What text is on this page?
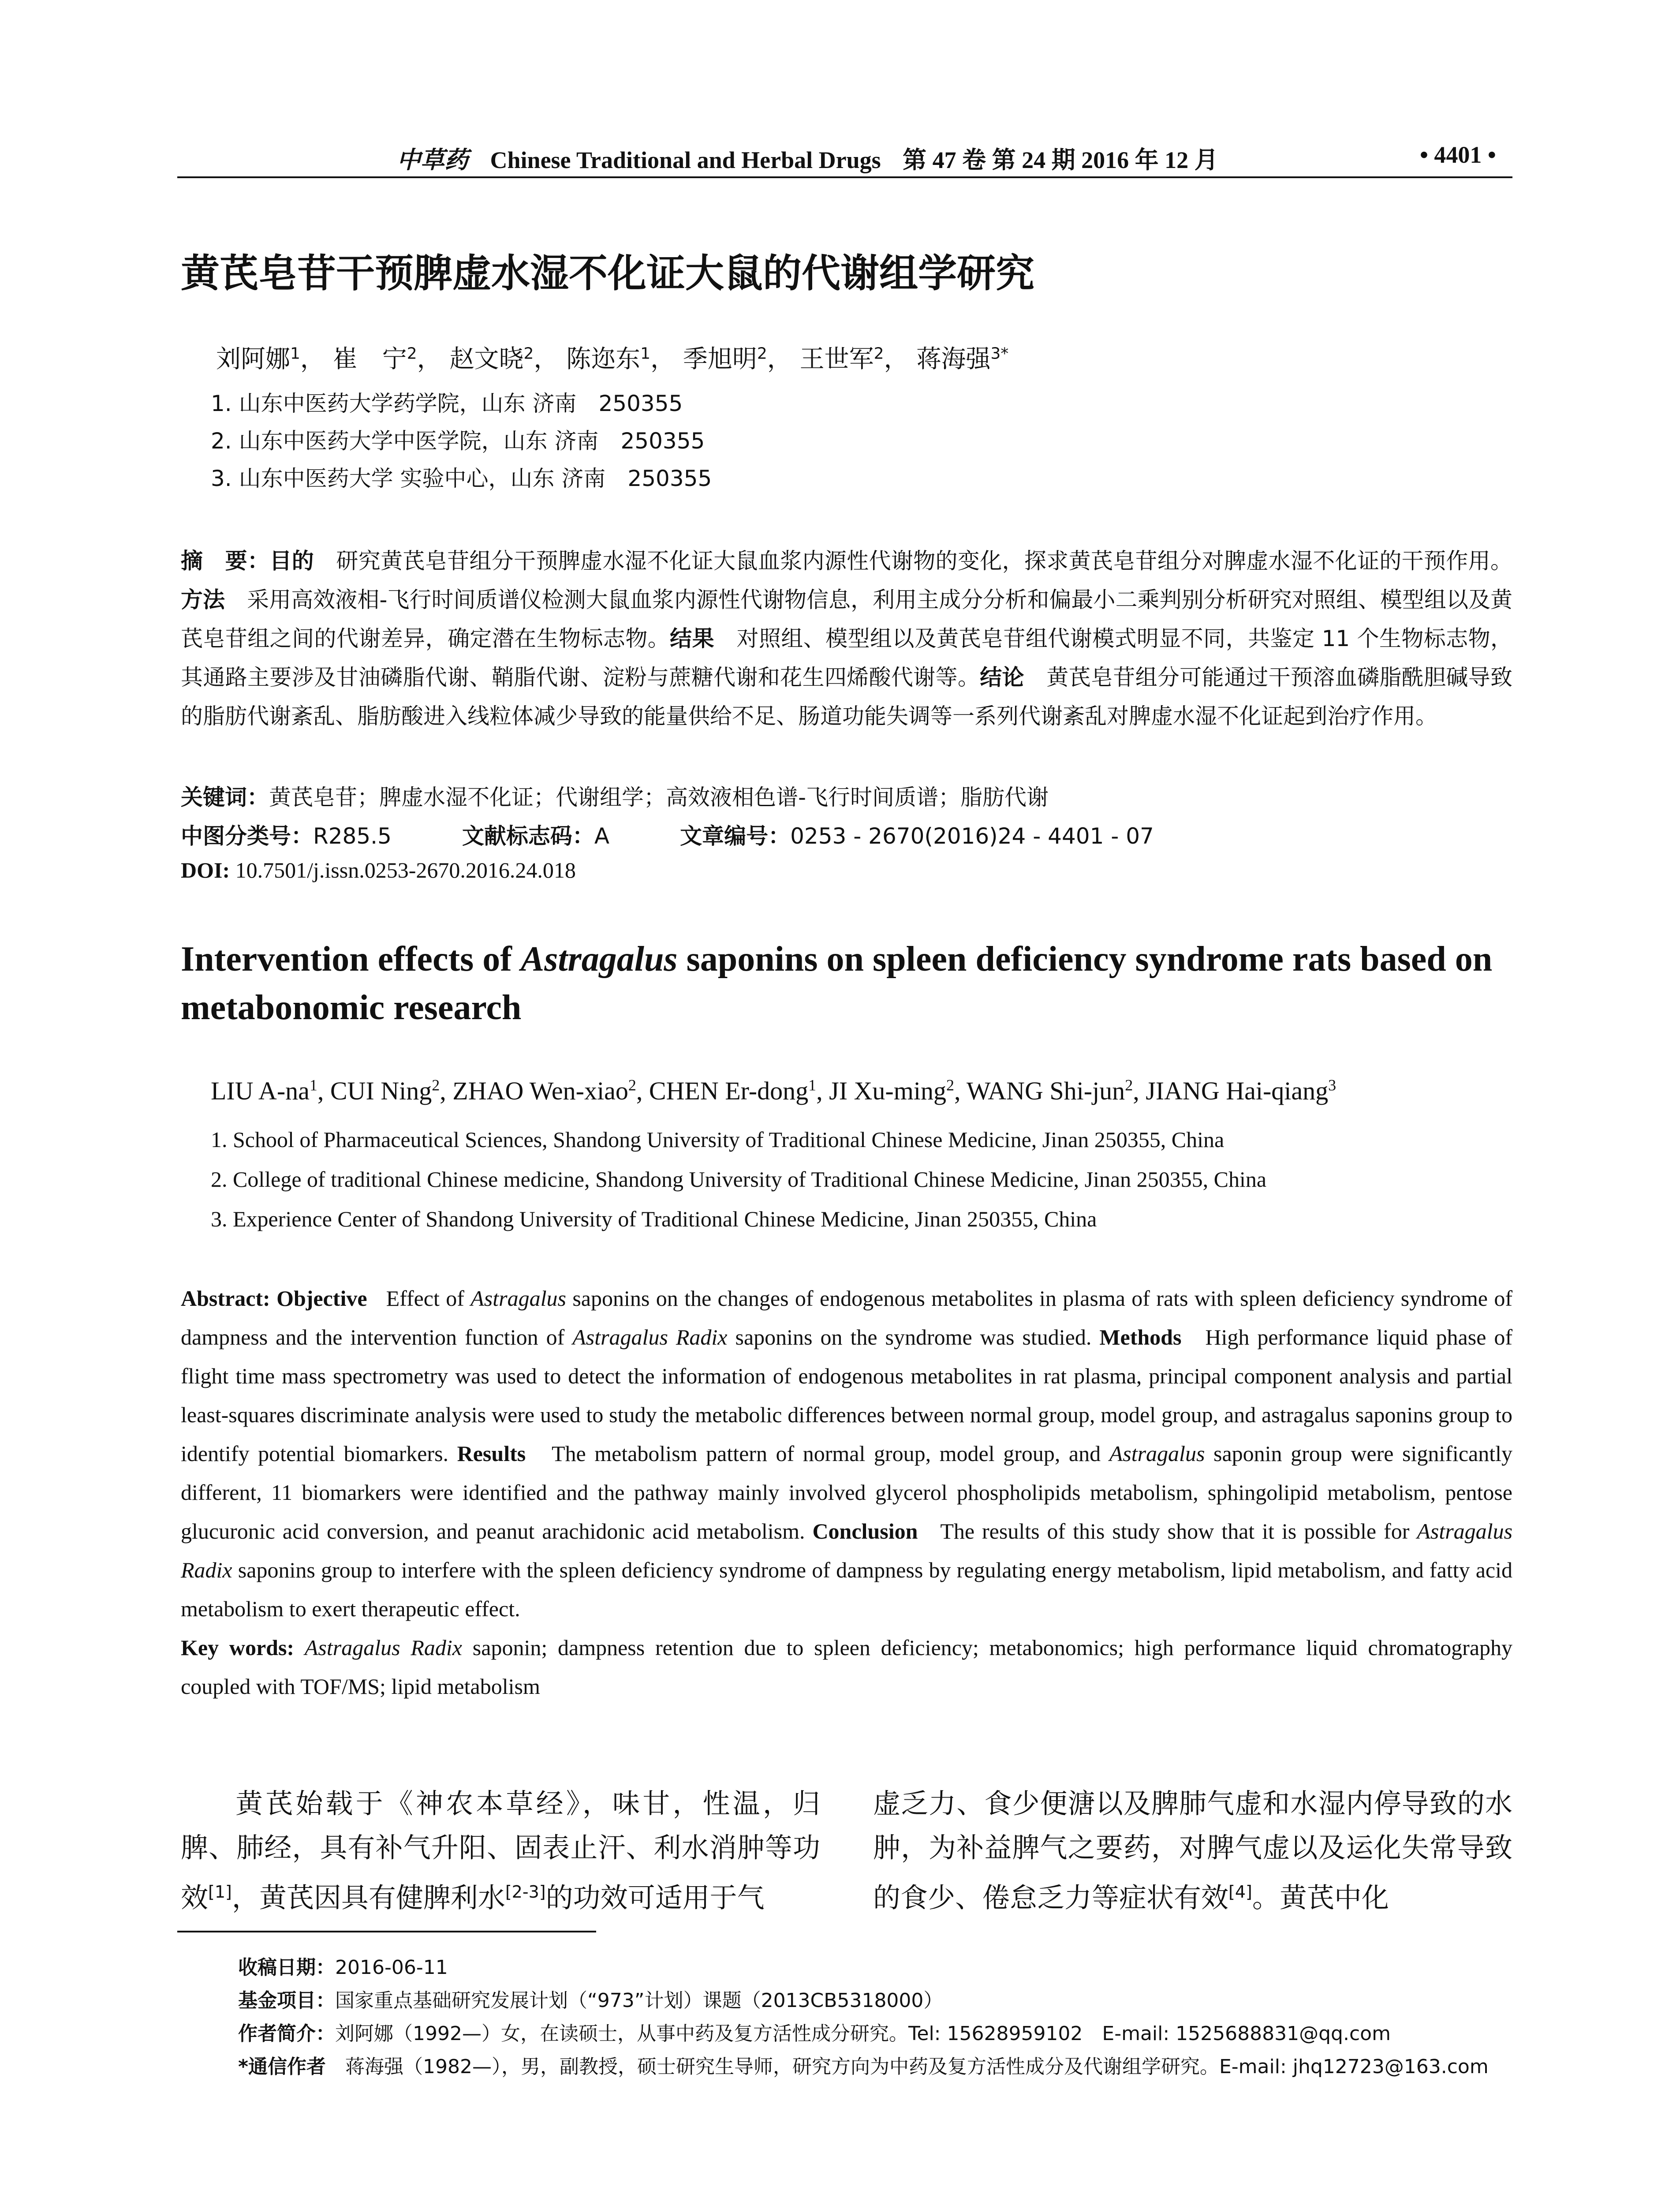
中草药 Chinese Traditional and Herbal Drugs 第 47 卷 第 24 期 2016 年 12 月	• 4401 •
黄芪皂苷干预脾虚水湿不化证大鼠的代谢组学研究
刘阿娜$^1$， 崔　宁$^2$， 赵文晓$^2$， 陈迩东$^1$， 季旭明$^2$， 王世军$^2$， 蒋海强$^{3*}$
1. 山东中医药大学药学院，山东 济南　250355
2. 山东中医药大学中医学院，山东 济南　250355
3. 山东中医药大学 实验中心，山东 济南　250355
摘　要：目的　 研究黄芪皂苷组分干预脾虚水湿不化证大鼠血浆内源性代谢物的变化，探求黄芪皂苷组分对脾虚水湿不化证的干预作用。方法　 采用高效液相-飞行时间质谱仪检测大鼠血浆内源性代谢物信息，利用主成分分析和偏最小二乘判别分析研究对照组、模型组以及黄芪皂苷组之间的代谢差异，确定潜在生物标志物。结果　 对照组、模型组以及黄芪皂苷组代谢模式明显不同，共鉴定 11 个生物标志物，其通路主要涉及甘油磷脂代谢、鞘脂代谢、淀粉与蔗糖代谢和花生四烯酸代谢等。结论　 黄芪皂苷组分可能通过干预溶血磷脂酰胆碱导致的脂肪代谢紊乱、脂肪酸进入线粒体减少导致的能量供给不足、肠道功能失调等一系列代谢紊乱对脾虚水湿不化证起到治疗作用。
关键词：黄芪皂苷；脾虚水湿不化证；代谢组学；高效液相色谱-飞行时间质谱；脂肪代谢
中图分类号：R285.5	文献标志码：A	文章编号：0253 - 2670(2016)24 - 4401 - 07
DOI: 10.7501/j.issn.0253-2670.2016.24.018
Intervention effects of Astragalus saponins on spleen deficiency syndrome rats based on metabonomic research
LIU $A-na^1$, CUI Ning$^2$, ZHAO Wen-xiao$^2$, CHEN Er-dong$^1$, JI Xu-ming$^2$, WANG Shi-jun$^2$, JIANG Hai-qiang$^3$
1. School of Pharmaceutical Sciences, Shandong University of Traditional Chinese Medicine, Jinan 250355, China
2. College of traditional Chinese medicine, Shandong University of Traditional Chinese Medicine, Jinan 250355, China
3. Experience Center of Shandong University of Traditional Chinese Medicine, Jinan 250355, China
Abstract: Objective Effect of Astragalus saponins on the changes of endogenous metabolites in plasma of rats with spleen deficiency syndrome of dampness and the intervention function of Astragalus Radix saponins on the syndrome was studied. Methods High performance liquid phase of flight time mass spectrometry was used to detect the information of endogenous metabolites in rat plasma, principal component analysis and partial least-squares discriminate analysis were used to study the metabolic differences between normal group, model group, and astragalus saponins group to identify potential biomarkers. Results The metabolism pattern of normal group, model group, and Astragalus saponin group were significantly different, 11 biomarkers were identified and the pathway mainly involved glycerol phospholipids metabolism, sphingolipid metabolism, pentose glucuronic acid conversion, and peanut arachidonic acid metabolism. Conclusion The results of this study show that it is possible for Astragalus Radix saponins group to interfere with the spleen deficiency syndrome of dampness by regulating energy metabolism, lipid metabolism, and fatty acid metabolism to exert therapeutic effect.
Key words: Astragalus Radix saponin; dampness retention due to spleen deficiency; metabonomics; high performance liquid chromatography coupled with TOF/MS; lipid metabolism
黄芪始载于《神农本草经》，味甘，性温，归脾、肺经，具有补气升阳、固表止汗、利水消肿等功效[1]，黄芪因具有健脾利水[2-3]的功效可适用于气
虚乏力、食少便溏以及脾肺气虚和水湿内停导致的水肿，为补益脾气之要药，对脾气虚以及运化失常导致的食少、倦怠乏力等症状有效[4]。黄芪中化
收稿日期：2016-06-11
基金项目：国家重点基础研究发展计划（“973”计划）课题（2013CB5318000）
作者简介：刘阿娜（1992—）女，在读硕士，从事中药及复方活性成分研究。Tel: 15628959102　E-mail: 1525688831@qq.com
*通信作者　 蒋海强（1982—），男，副教授，硕士研究生导师，研究方向为中药及复方活性成分及代谢组学研究。E-mail: jhq12723@163.com
